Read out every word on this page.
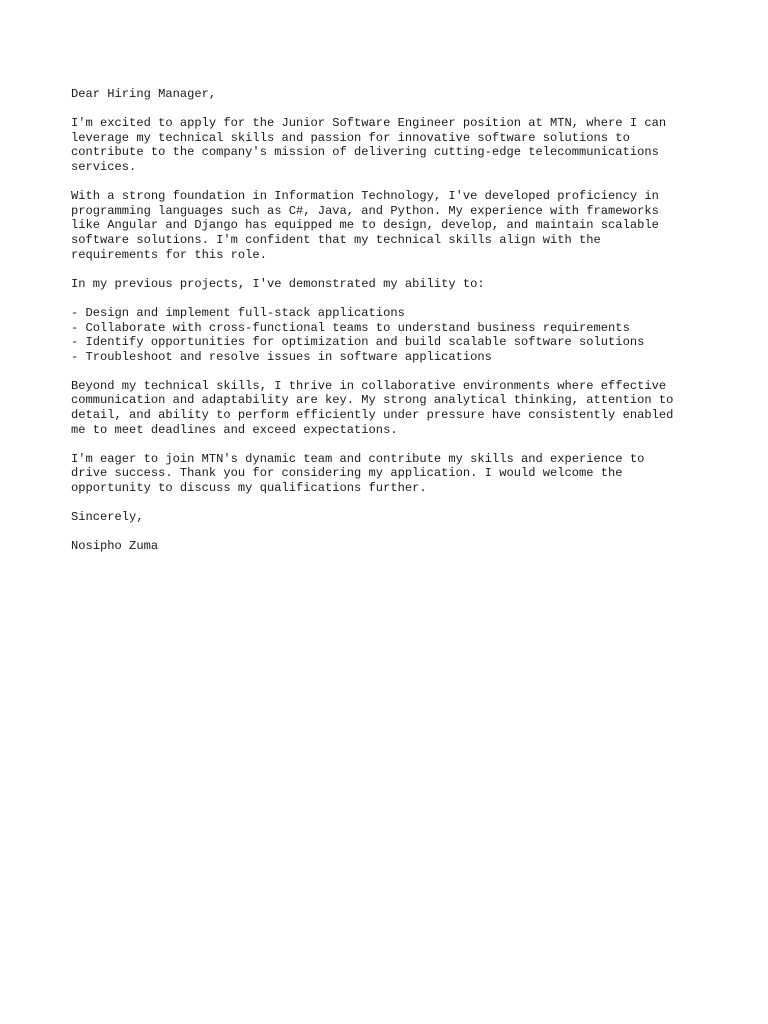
Dear Hiring Manager,

I'm excited to apply for the Junior Software Engineer position at MTN, where I can
leverage my technical skills and passion for innovative software solutions to
contribute to the company's mission of delivering cutting-edge telecommunications
services.

With a strong foundation in Information Technology, I've developed proficiency in
programming languages such as C#, Java, and Python. My experience with frameworks
like Angular and Django has equipped me to design, develop, and maintain scalable
software solutions. I'm confident that my technical skills align with the
requirements for this role.

In my previous projects, I've demonstrated my ability to:

- Design and implement full-stack applications
- Collaborate with cross-functional teams to understand business requirements
- Identify opportunities for optimization and build scalable software solutions
- Troubleshoot and resolve issues in software applications

Beyond my technical skills, I thrive in collaborative environments where effective
communication and adaptability are key. My strong analytical thinking, attention to
detail, and ability to perform efficiently under pressure have consistently enabled
me to meet deadlines and exceed expectations.

I'm eager to join MTN's dynamic team and contribute my skills and experience to
drive success. Thank you for considering my application. I would welcome the
opportunity to discuss my qualifications further.

Sincerely,

Nosipho Zuma
